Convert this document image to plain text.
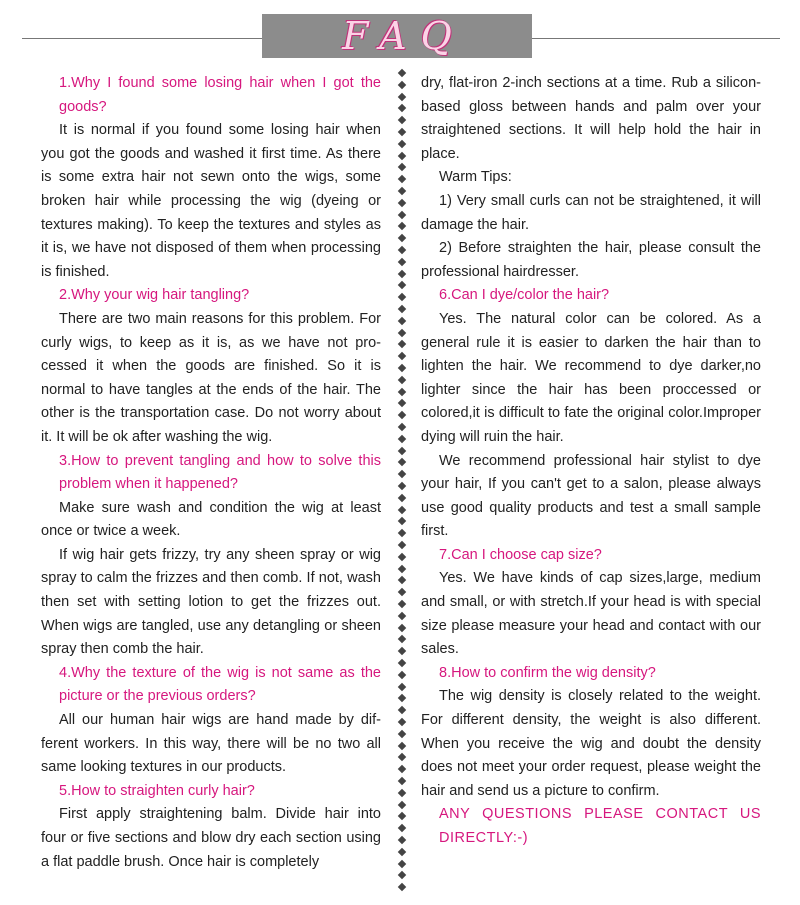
FAQ

1.Why I found some losing hair when I got the goods?

It is normal if you found some losing hair when you got the goods and washed it first time. As there is some extra hair not sewn onto the wigs, some broken hair while processing the wig (dyeing or textures making). To keep the textures and styles as it is, we have not disposed of them when processing is finished.

2.Why your wig hair tangling?

There are two main reasons for this problem. For curly wigs, to keep as it is, as we have not pro-cessed it when the goods are finished. So it is normal to have tangles at the ends of the hair. The other is the transportation case. Do not worry about it. It will be ok after washing the wig.

3.How to prevent tangling and how to solve this problem when it happened?

Make sure wash and condition the wig at least once or twice a week.

If wig hair gets frizzy, try any sheen spray or wig spray to calm the frizzes and then comb. If not, wash then set with setting lotion to get the frizzes out. When wigs are tangled, use any detangling or sheen spray then comb the hair.

4.Why the texture of the wig is not same as the picture or the previous orders?

All our human hair wigs are hand made by dif-ferent workers. In this way, there will be no two all same looking textures in our products.

5.How to straighten curly hair?

First apply straightening balm. Divide hair into four or five sections and blow dry each section using a flat paddle brush. Once hair is completely

dry, flat-iron 2-inch sections at a time. Rub a silicon-based gloss between hands and palm over your straightened sections. It will help hold the hair in place.

Warm Tips:

1) Very small curls can not be straightened, it will damage the hair.

2) Before straighten the hair, please consult the professional hairdresser.

6.Can I dye/color the hair?

Yes. The natural color can be colored. As a general rule it is easier to darken the hair than to lighten the hair. We recommend to dye darker,no lighter since the hair has been proccessed or colored,it is difficult to fate the original color.Improper dying will ruin the hair.

We recommend professional hair stylist to dye your hair, If you can't get to a salon, please always use good quality products and test a small sample first.

7.Can I choose cap size?

Yes. We have kinds of cap sizes,large, medium and small, or with stretch.If your head is with special size please measure your head and contact with our sales.

8.How to confirm the wig density?

The wig density is closely related to the weight. For different density, the weight is also different. When you receive the wig and doubt the density does not meet your order request, please weight the hair and send us a picture to confirm.

ANY QUESTIONS PLEASE CONTACT US DIRECTLY:-)
